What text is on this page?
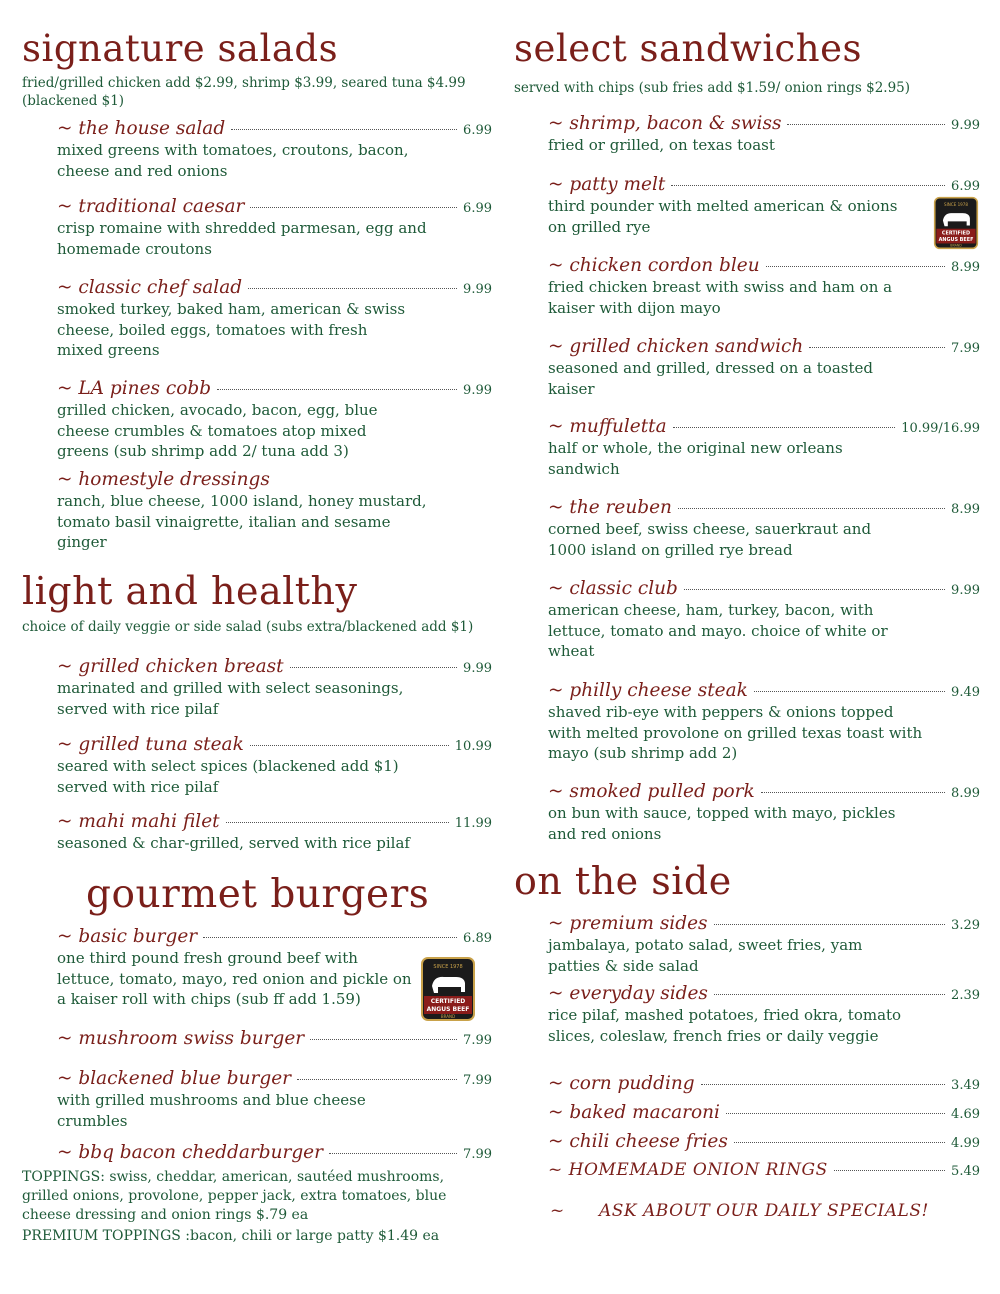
signature salads
fried/grilled chicken add $2.99, shrimp $3.99, seared tuna $4.99 (blackened $1)
~ the house salad	6.99
mixed greens with tomatoes, croutons, bacon, cheese and red onions
~ traditional caesar	6.99
crisp romaine with shredded parmesan, egg and homemade croutons
~ classic chef salad	9.99
smoked turkey, baked ham, american & swiss cheese, boiled eggs, tomatoes with fresh mixed greens
~ LA pines cobb	9.99
grilled chicken, avocado, bacon, egg, blue cheese crumbles & tomatoes atop mixed greens (sub shrimp add 2/ tuna add 3)
~ homestyle dressings
ranch, blue cheese, 1000 island, honey mustard, tomato basil vinaigrette, italian and sesame ginger
light and healthy
choice of daily veggie or side salad (subs extra/blackened add $1)
~ grilled chicken breast	9.99
marinated and grilled with select seasonings, served with rice pilaf
~ grilled tuna steak	10.99
seared with select spices (blackened add $1) served with rice pilaf
~ mahi mahi filet	11.99
seasoned & char-grilled, served with rice pilaf
gourmet burgers
~ basic burger	6.89
one third pound fresh ground beef with lettuce, tomato, mayo, red onion and pickle on a kaiser roll with chips (sub ff add 1.59)
~ mushroom swiss burger	7.99
~ blackened blue burger	7.99
with grilled mushrooms and blue cheese crumbles
~ bbq bacon cheddarburger	7.99
TOPPINGS: swiss, cheddar, american, sautéed mushrooms, grilled onions, provolone, pepper jack, extra tomatoes, blue cheese dressing and onion rings $.79 ea
PREMIUM TOPPINGS :bacon, chili or large patty $1.49 ea
SINCE 1978
CERTIFIED
ANGUS BEEF
BRAND
select sandwiches
served with chips (sub fries add $1.59/ onion rings $2.95)
~ shrimp, bacon & swiss	9.99
fried or grilled, on texas toast
~ patty melt	6.99
third pounder with melted american & onions on grilled rye
~ chicken cordon bleu	8.99
fried chicken breast with swiss and ham on a kaiser with dijon mayo
~ grilled chicken sandwich	7.99
seasoned and grilled, dressed on a toasted kaiser
~ muffuletta	10.99/16.99
half or whole, the original new orleans sandwich
~ the reuben	8.99
corned beef, swiss cheese, sauerkraut and 1000 island on grilled rye bread
~ classic club	9.99
american cheese, ham, turkey, bacon, with lettuce, tomato and mayo. choice of white or wheat
~ philly cheese steak	9.49
shaved rib-eye with peppers & onions topped with melted provolone on grilled texas toast with mayo (sub shrimp add 2)
~ smoked pulled pork	8.99
on bun with sauce, topped with mayo, pickles and red onions
on the side
~ premium sides	3.29
jambalaya, potato salad, sweet fries, yam patties & side salad
~ everyday sides	2.39
rice pilaf, mashed potatoes, fried okra, tomato slices, coleslaw, french fries or daily veggie
~ corn pudding	3.49
~ baked macaroni	4.69
~ chili cheese fries	4.99
~ HOMEMADE ONION RINGS	5.49
~ ASK ABOUT OUR DAILY SPECIALS!
SINCE 1978
CERTIFIED
ANGUS BEEF
BRAND
